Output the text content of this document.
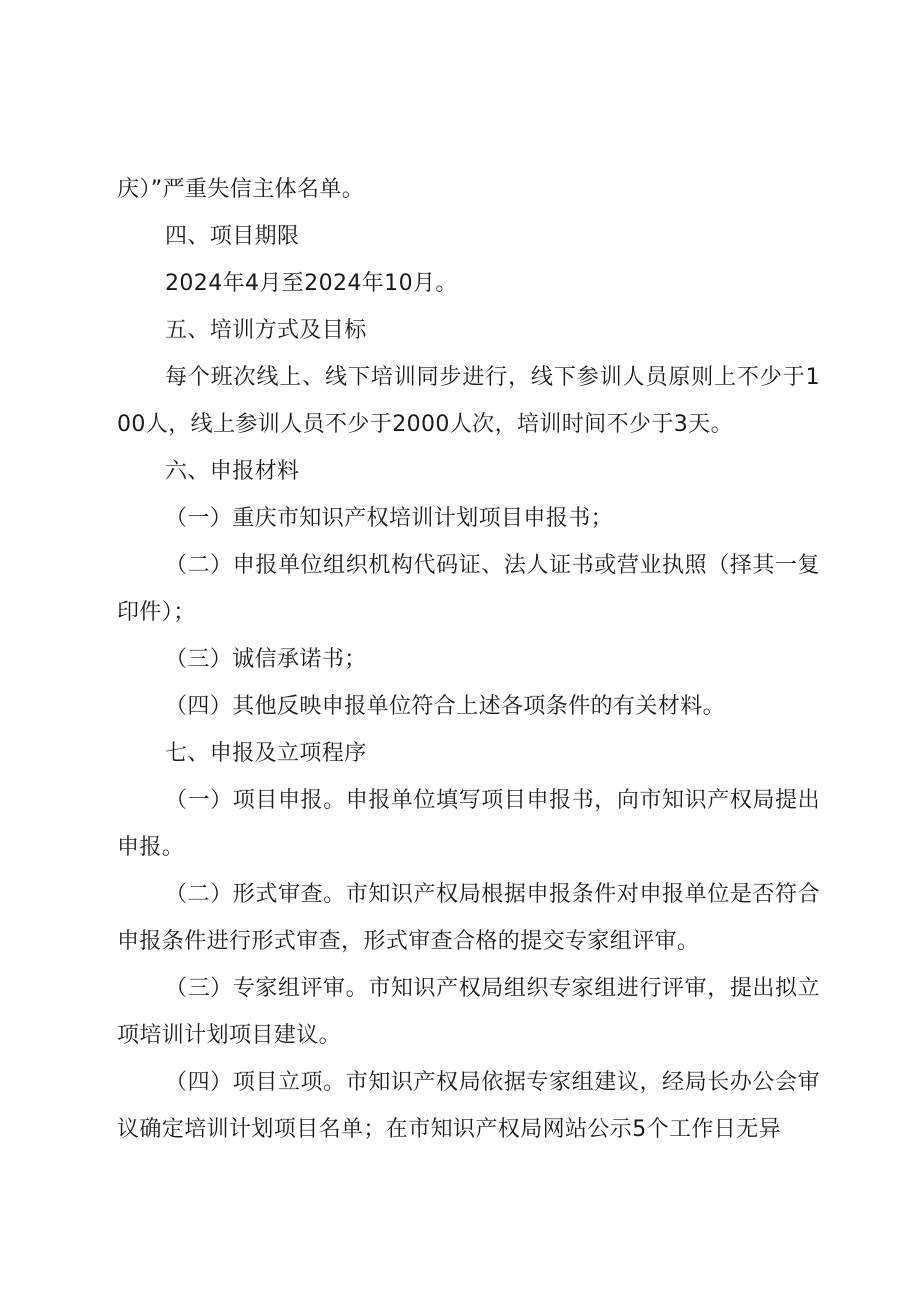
庆）”严重失信主体名单。

四、项目期限

2024年4月至2024年10月。

五、培训方式及目标

每个班次线上、线下培训同步进行，线下参训人员原则上不少于100人，线上参训人员不少于2000人次，培训时间不少于3天。

六、申报材料

（一）重庆市知识产权培训计划项目申报书；

（二）申报单位组织机构代码证、法人证书或营业执照（择其一复印件）；

（三）诚信承诺书；

（四）其他反映申报单位符合上述各项条件的有关材料。

七、申报及立项程序

（一）项目申报。申报单位填写项目申报书，向市知识产权局提出申报。

（二）形式审查。市知识产权局根据申报条件对申报单位是否符合申报条件进行形式审查，形式审查合格的提交专家组评审。

（三）专家组评审。市知识产权局组织专家组进行评审，提出拟立项培训计划项目建议。

（四）项目立项。市知识产权局依据专家组建议，经局长办公会审议确定培训计划项目名单；在市知识产权局网站公示5个工作日无异
